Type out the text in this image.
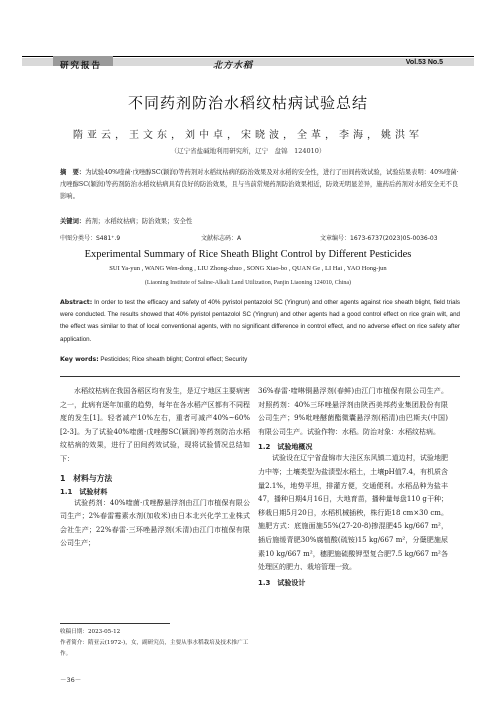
研究报告	北方水稻	Vol.53 No.5
不同药剂防治水稻纹枯病试验总结
隋亚云，王文东，刘中卓，宋晓波，全革，李海，姚洪军
（辽宁省盐碱地利用研究所，辽宁　盘锦　124010）
摘　要：为试验40%喹菌·戊唑醇SC(颖润)等药剂对水稻纹枯病的防治效果及对水稻的安全性，进行了田间药效试验，试验结果表明：40%喹菌·戊唑醇SC(颖润)等药剂防治水稻纹枯病具有良好的防治效果，且与当前常规药剂防治效果相近，防效无明显差异，施药后药剂对水稻安全无不良影响。
关键词：药剂；水稻纹枯病；防治效果；安全性
中图分类号：S481⁺.9	文献标志码：A	文章编号：1673-6737(2023)05-0036-03
Experimental Summary of Rice Sheath Blight Control by Different Pesticides
SUI Ya-yun , WANG Wen-dong , LIU Zhong-zhuo , SONG Xiao-bo , QUAN Ge , LI Hai , YAO Hong-jun
(Liaoning Institute of Saline-Alkali Land Utilization, Panjin Liaoning 124010, China)
Abstract: In order to test the efficacy and safety of 40% pyristol pentazolol SC (Yingrun) and other agents against rice sheath blight, field trials were conducted. The results showed that 40% pyristol pentazolol SC (Yingrun) and other agents had a good control effect on rice grain wilt, and the effect was similar to that of local conventional agents, with no significant difference in control effect, and no adverse effect on rice safety after application.
Key words: Pesticides; Rice sheath blight; Control effect; Security

水稻纹枯病在我国各稻区均有发生，是辽宁地区主要病害之一，此病有逐年加重的趋势，每年在各水稻产区都有不同程度的发生[1]。轻者减产10%左右，重者可减产40%~60%[2-3]。为了试验40%喹菌·戊唑醇SC(颖润)等药剂防治水稻纹枯病的效果，进行了田间药效试验，现将试验情况总结如下：

1　材料与方法
1.1　试验材料

试验药剂：40%喹菌·戊唑醇悬浮剂由江门市植保有限公司生产；2%春雷霉素水剂(加收米)由日本北兴化学工业株式会社生产；22%春雷·三环唑悬浮剂(禾清)由江门市植保有限公司生产；

36%春雷·喹啉铜悬浮剂(春鲜)由江门市植保有限公司生产。对照药剂：40%三环唑悬浮剂由陕西美邦药业集团股份有限公司生产；9%吡唑醚菌酯微囊悬浮剂(稻清)由巴斯夫(中国)有限公司生产。试验作物：水稻。防治对象：水稻纹枯病。

1.2　试验地概况

试验设在辽宁省盘锦市大洼区东风镇二道边村，试验地肥力中等；土壤类型为盐渍型水稻土，土壤pH值7.4，有机质含量2.1%，地势平坦，排灌方便，交通便利。水稻品种为盐丰47，播种日期4月16日，大地育苗，播种量每盘110 g干种；移栽日期5月20日，水稻机械插秧，株行距18 cm×30 cm。施肥方式：底施面施55%(27-20-8)掺混肥45 kg/667 m²，插后施缓青肥30%腐植酸(硫铵)15 kg/667 m²，分蘖肥施尿素10 kg/667 m²，穗肥施硫酸钾型复合肥7.5 kg/667 m²各处理区的肥力、栽培管理一致。

1.3　试验设计
收稿日期：2023-05-12
作者简介：隋亚云(1972-)，女，副研究员，主要从事水稻栽培及技术推广工作。
－36－
